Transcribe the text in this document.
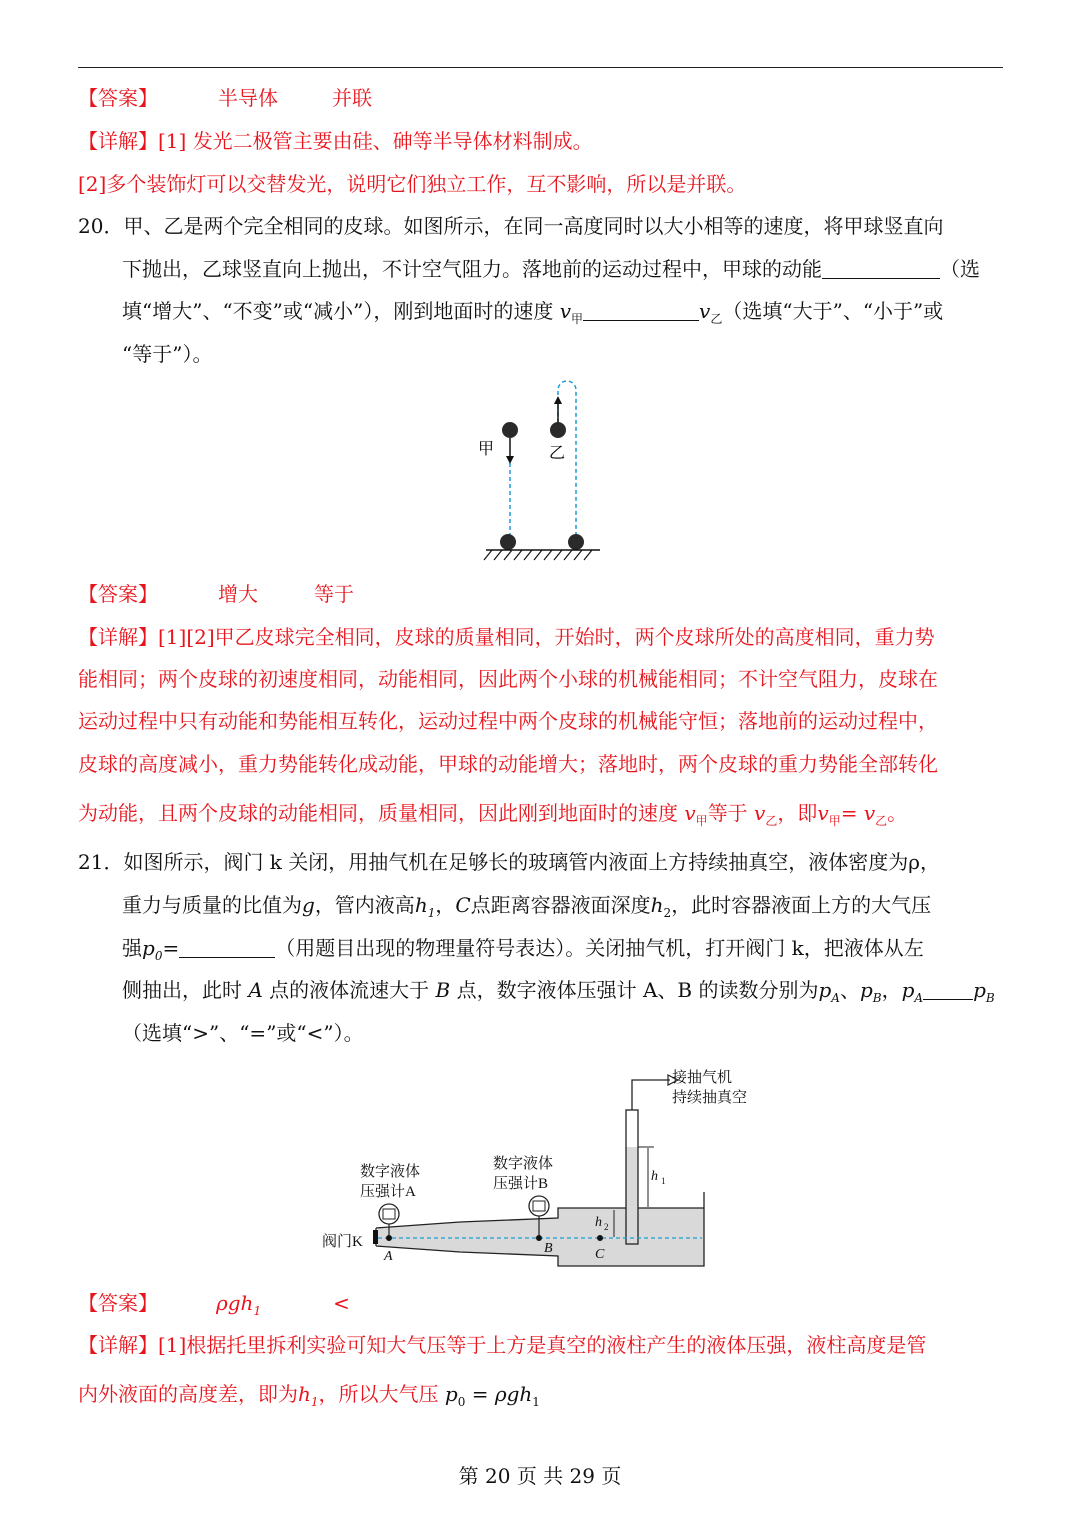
【答案】	半导体	并联
【详解】[1] 发光二极管主要由硅、砷等半导体材料制成。
[2]多个装饰灯可以交替发光，说明它们独立工作，互不影响，所以是并联。
20．甲、乙是两个完全相同的皮球。如图所示，在同一高度同时以大小相等的速度，将甲球竖直向
下抛出，乙球竖直向上抛出，不计空气阻力。落地前的运动过程中，甲球的动能	（选
填“增大”、“不变”或“减小”），刚到地面时的速度 $v_甲$	$v_乙$（选填“大于”、“小于”或
“等于”）。
甲	乙
【答案】	增大	等于
【详解】[1][2]甲乙皮球完全相同，皮球的质量相同，开始时，两个皮球所处的高度相同，重力势
能相同；两个皮球的初速度相同，动能相同，因此两个小球的机械能相同；不计空气阻力，皮球在
运动过程中只有动能和势能相互转化，运动过程中两个皮球的机械能守恒；落地前的运动过程中，
皮球的高度减小，重力势能转化成动能，甲球的动能增大；落地时，两个皮球的重力势能全部转化
为动能，且两个皮球的动能相同，质量相同，因此刚到地面时的速度 $v_甲$等于 $v_乙$，即$v_甲= v_乙$。
21．如图所示，阀门 k 关闭，用抽气机在足够长的玻璃管内液面上方持续抽真空，液体密度为ρ，
重力与质量的比值为g，管内液高$h_1$，C点距离容器液面深度$h_2$，此时容器液面上方的大气压
强$p_0=$	（用题目出现的物理量符号表达）。关闭抽气机，打开阀门 k，把液体从左
侧抽出，此时 A 点的液体流速大于 B 点，数字液体压强计 A、B 的读数分别为$p_A$、$p_B$，$p_A$	$p_B$
（选填“>”、“=”或“<”）。
接抽气机
持续抽真空
数字液体
压强计A
数字液体
压强计B
阀门K
A
B	C
h 1
h 2
【答案】	ρgh$_1$	<
【详解】[1]根据托里拆利实验可知大气压等于上方是真空的液柱产生的液体压强，液柱高度是管
内外液面的高度差，即为$h_1$，所以大气压 $p_0 = \rho gh_1$
第 20 页 共 29 页
